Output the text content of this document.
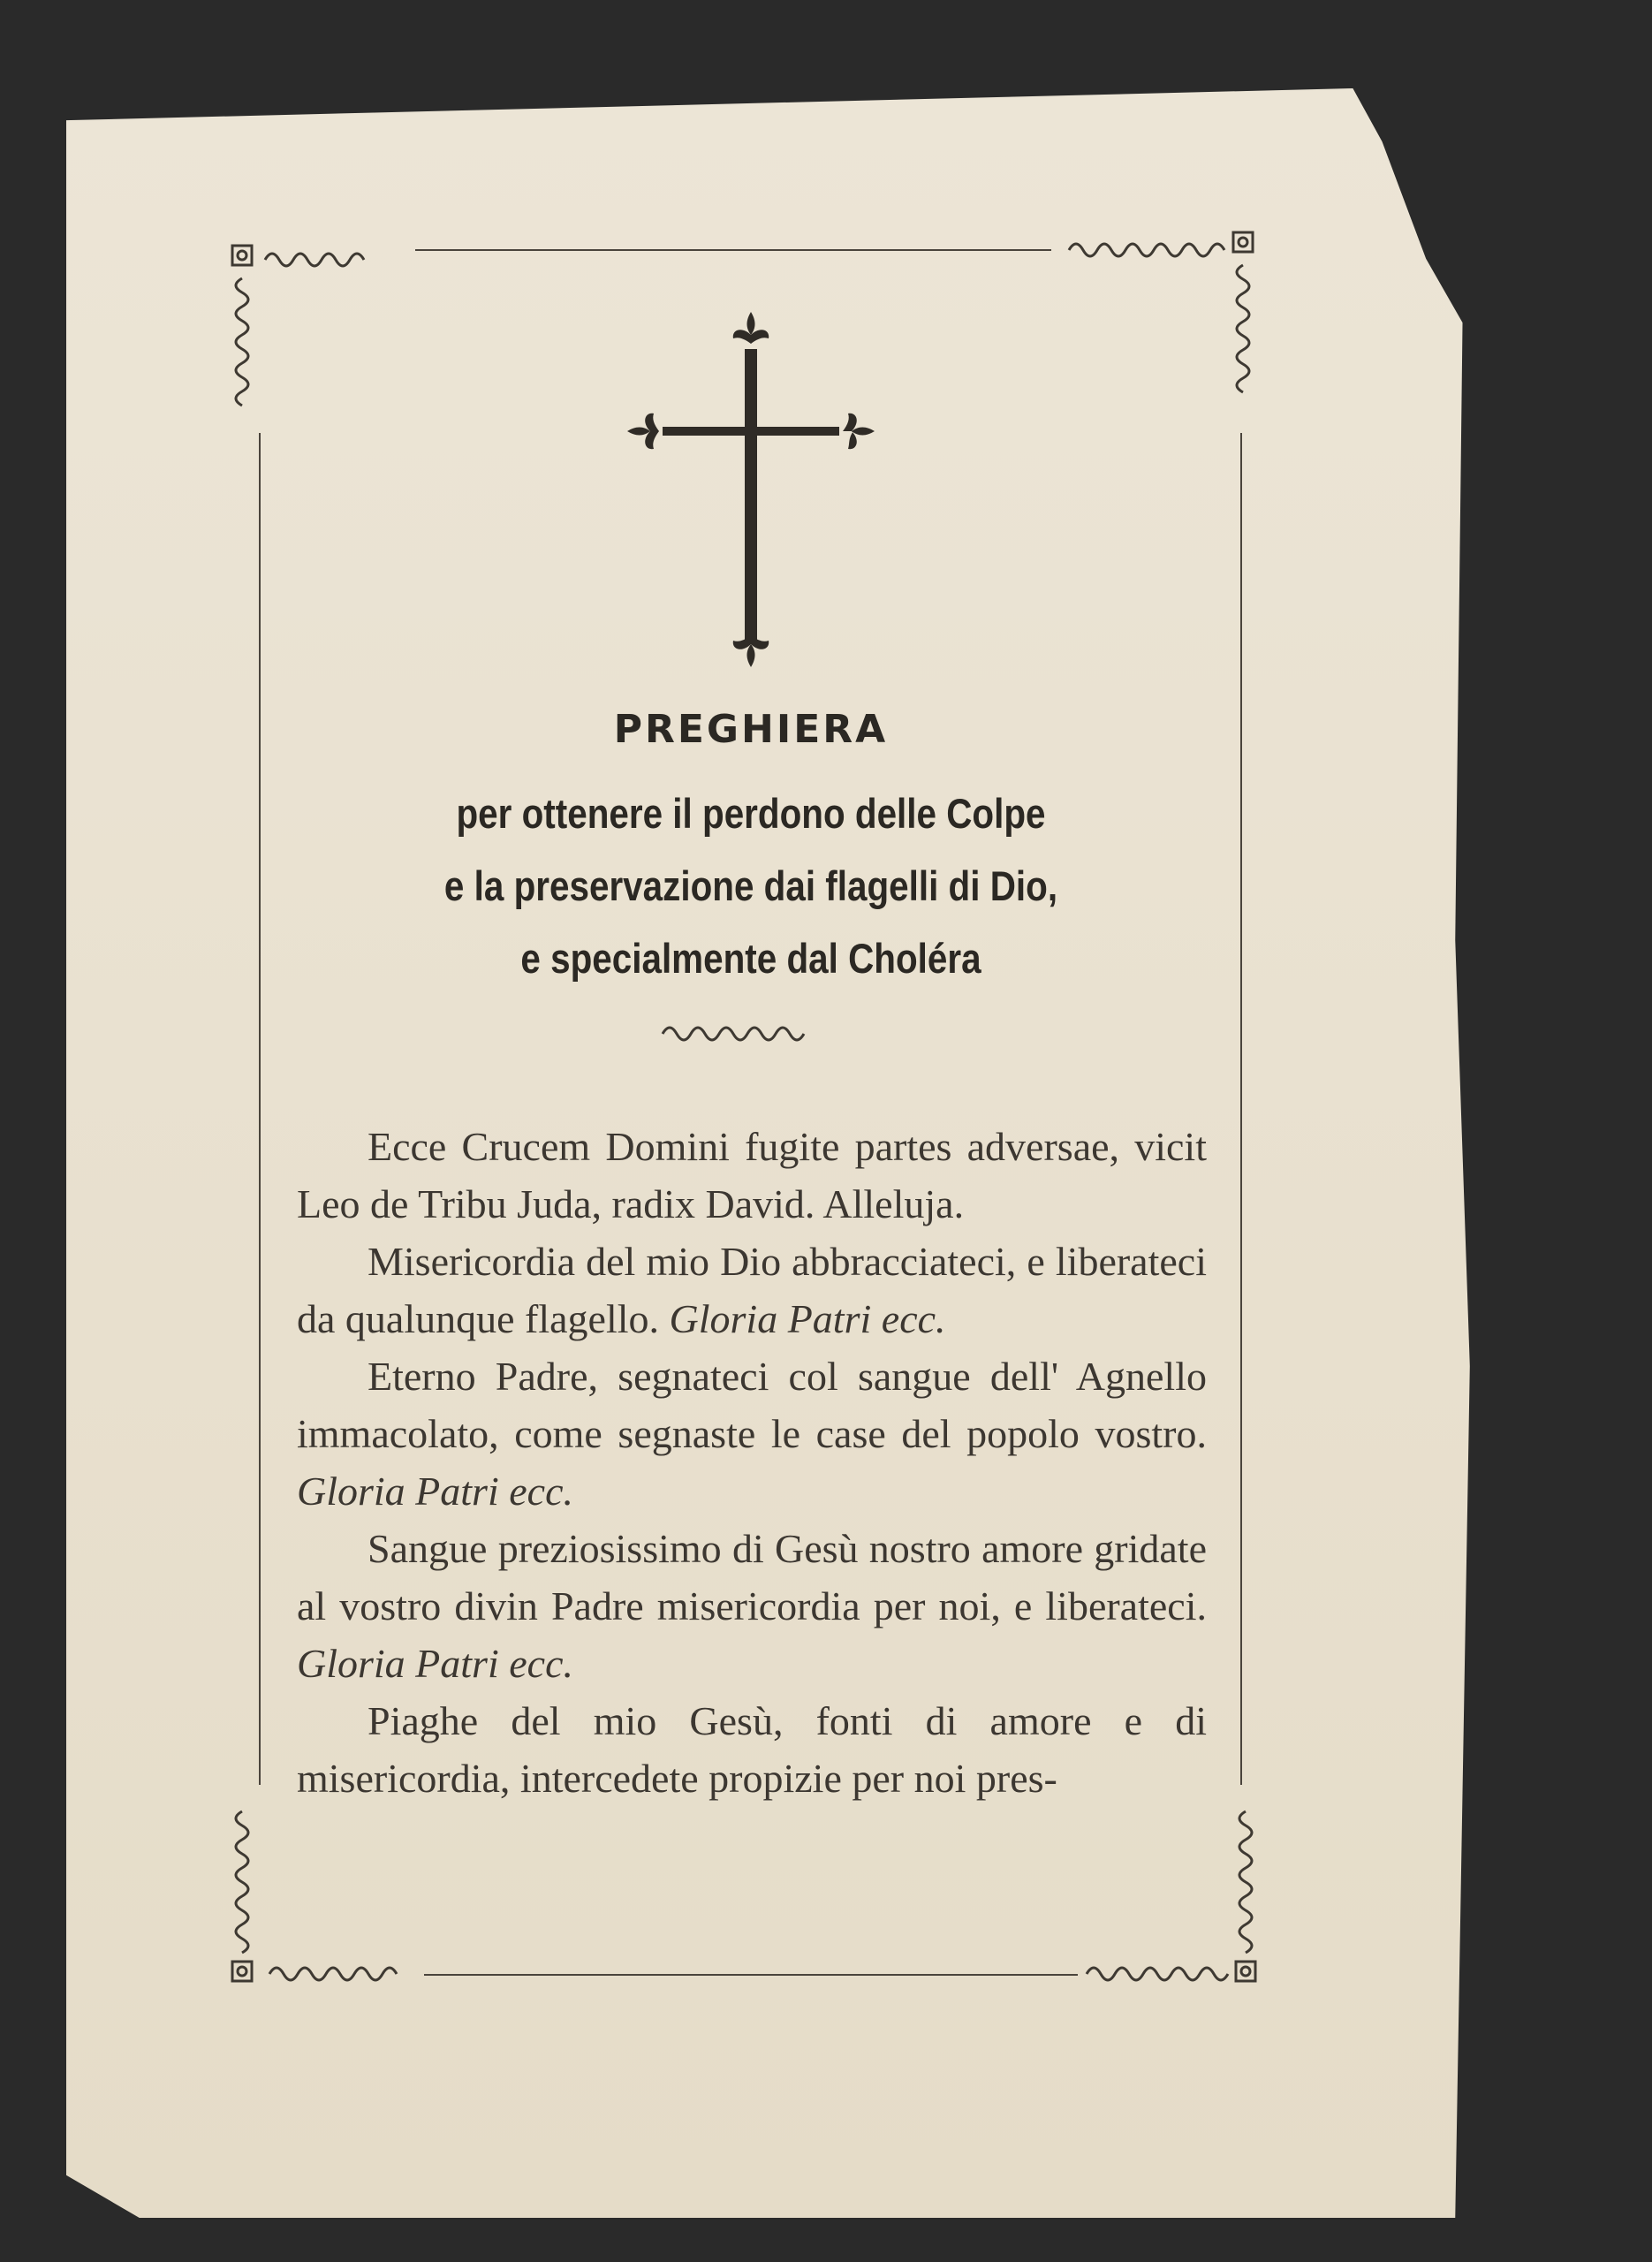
PREGHIERA
per ottenere il perdono delle Colpe
e la preservazione dai flagelli di Dio,
e specialmente dal Choléra

Ecce Crucem Domini fugite partes adversae, vicit Leo de Tribu Juda, radix David. Alleluja.

Misericordia del mio Dio abbracciateci, e liberateci da qualunque flagello. Gloria Patri ecc.

Eterno Padre, segnateci col sangue dell' Agnello immacolato, come segnaste le case del popolo vostro. Gloria Patri ecc.

Sangue preziosissimo di Gesù nostro amore gridate al vostro divin Padre misericordia per noi, e liberateci. Gloria Patri ecc.

Piaghe del mio Gesù, fonti di amore e di misericordia, intercedete propizie per noi pres-
